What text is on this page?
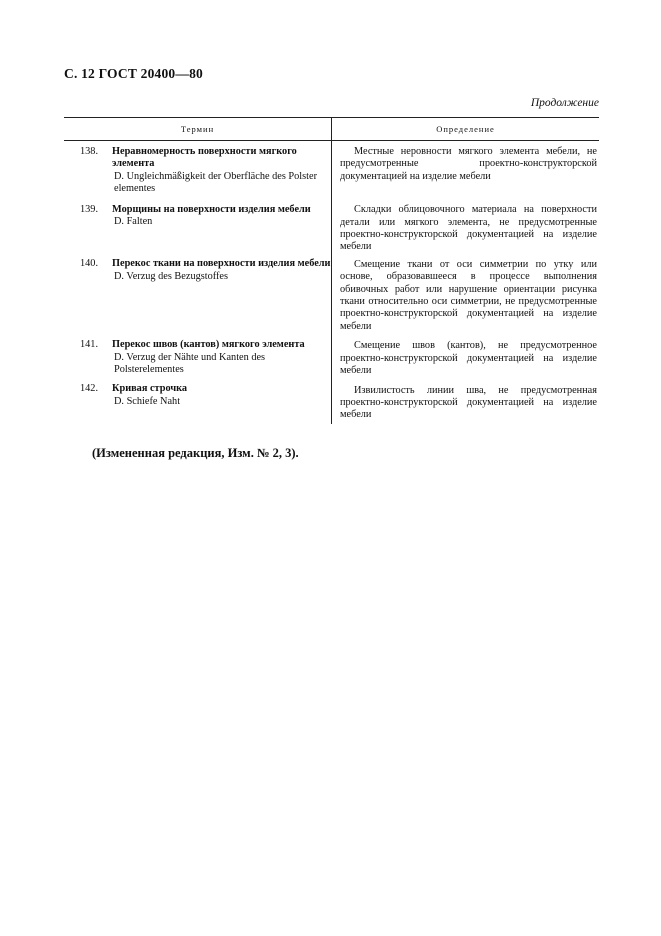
С. 12 ГОСТ 20400—80
Продолжение
Термин	Определение
138. Неравномерность поверхности мягкого элемента
D. Ungleichmäßigkeit der Oberfläche des Polster elementes
139. Морщины на поверхности изделия мебели
D. Falten
140. Перекос ткани на поверхности изделия мебели
D. Verzug des Bezugstoffes
141. Перекос швов (кантов) мягкого элемента
D. Verzug der Nähte und Kanten des Polsterelementes
142. Кривая строчка
D. Schiefe Naht
Местные неровности мягкого элемента мебели, не предусмотренные проектно-конструкторской документацией на изделие мебели
Складки облицовочного материала на поверхности детали или мягкого элемента, не предусмотренные проектно-конструкторской документацией на изделие мебели
Смещение ткани от оси симметрии по утку или основе, образовавшееся в процессе выполнения обивочных работ или нарушение ориентации рисунка ткани относительно оси симметрии, не предусмотренные проектно-конструкторской документацией на изделие мебели
Смещение швов (кантов), не предусмотренное проектно-конструкторской документацией на изделие мебели
Извилистость линии шва, не предусмотренная проектно-конструкторской документацией на изделие мебели
(Измененная редакция, Изм. № 2, 3).
